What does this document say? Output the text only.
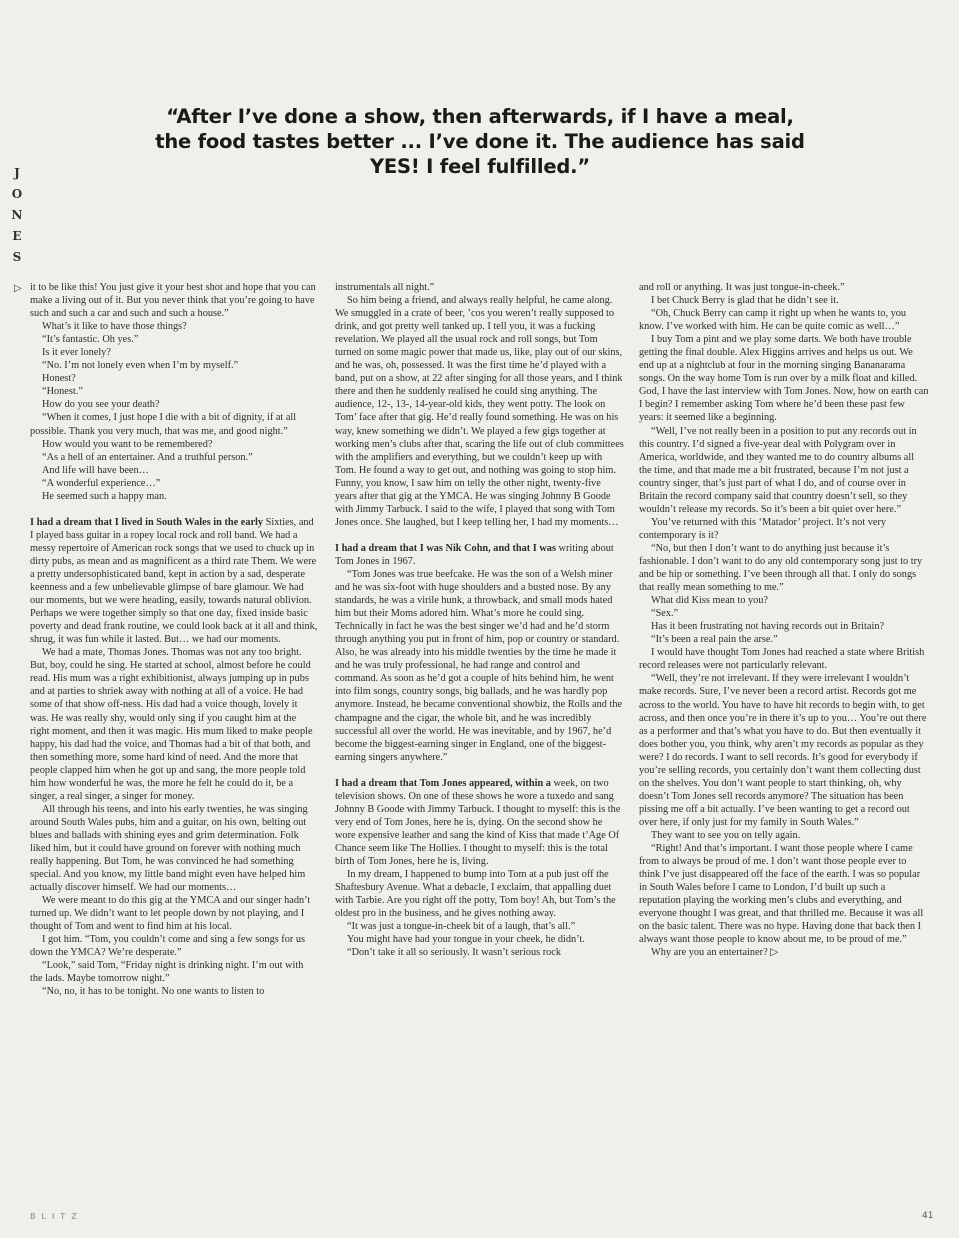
“After I’ve done a show, then afterwards, if I have a meal, the food tastes better ... I’ve done it. The audience has said YES! I feel fulfilled.”
J
O
N
E
S
▷ it to be like this! You just give it your best shot and hope that you can make a living out of it. But you never think that you’re going to have such and such a car and such and such a house.”

What’s it like to have those things?

“It’s fantastic. Oh yes.”

Is it ever lonely?

“No. I’m not lonely even when I’m by myself.”

Honest?

“Honest.”

How do you see your death?

“When it comes, I just hope I die with a bit of dignity, if at all possible. Thank you very much, that was me, and good night.”

How would you want to be remembered?

“As a hell of an entertainer. And a truthful person.”

And life will have been…

“A wonderful experience…”

He seemed such a happy man.

I had a dream that I lived in South Wales in the early Sixties, and I played bass guitar in a ropey local rock and roll band. We had a messy repertoire of American rock songs that we used to chuck up in dirty pubs, as mean and as magnificent as a third rate Them. We were a pretty undersophisticated band, kept in action by a sad, desperate keenness and a few unbelievable glimpse of bare glamour. We had our moments, but we were heading, easily, towards natural oblivion. Perhaps we were together simply so that one day, fixed inside basic poverty and dead frank routine, we could look back at it all and think, shrug, it was fun while it lasted. But… we had our moments.

We had a mate, Thomas Jones. Thomas was not any too bright. But, boy, could he sing. He started at school, almost before he could read. His mum was a right exhibitionist, always jumping up in pubs and at parties to shriek away with nothing at all of a voice. He had some of that show off-ness. His dad had a voice though, lovely it was. He was really shy, would only sing if you caught him at the right moment, and then it was magic. His mum liked to make people happy, his dad had the voice, and Thomas had a bit of that both, and then something more, some hard kind of need. And the more that people clapped him when he got up and sang, the more people told him how wonderful he was, the more he felt he could do it, be a singer, a real singer, a singer for money.

All through his teens, and into his early twenties, he was singing around South Wales pubs, him and a guitar, on his own, belting out blues and ballads with shining eyes and grim determination. Folk liked him, but it could have ground on forever with nothing much really happening. But Tom, he was convinced he had something special. And you know, my little band might even have helped him actually discover himself. We had our moments…

We were meant to do this gig at the YMCA and our singer hadn’t turned up. We didn’t want to let people down by not playing, and I thought of Tom and went to find him at his local.

I got him. “Tom, you couldn’t come and sing a few songs for us down the YMCA? We’re desperate.”

“Look,” said Tom, “Friday night is drinking night. I’m out with the lads. Maybe tomorrow night.”

“No, no, it has to be tonight. No one wants to listen to

instrumentals all night.”

So him being a friend, and always really helpful, he came along. We smuggled in a crate of beer, ’cos you weren’t really supposed to drink, and got pretty well tanked up. I tell you, it was a fucking revelation. We played all the usual rock and roll songs, but Tom turned on some magic power that made us, like, play out of our skins, and he was, oh, possessed. It was the first time he’d played with a band, put on a show, at 22 after singing for all those years, and I think there and then he suddenly realised he could sing anything. The audience, 12-, 13-, 14-year-old kids, they went potty. The look on Tom’ face after that gig. He’d really found something. He was on his way, knew something we didn’t. We played a few gigs together at working men’s clubs after that, scaring the life out of club committees with the amplifiers and everything, but we couldn’t keep up with Tom. He found a way to get out, and nothing was going to stop him. Funny, you know, I saw him on telly the other night, twenty-five years after that gig at the YMCA. He was singing Johnny B Goode with Jimmy Tarbuck. I said to the wife, I played that song with Tom Jones once. She laughed, but I keep telling her, I had my moments…

I had a dream that I was Nik Cohn, and that I was writing about Tom Jones in 1967.

“Tom Jones was true beefcake. He was the son of a Welsh miner and he was six-foot with huge shoulders and a busted nose. By any standards, he was a virile hunk, a throwback, and small mods hated him but their Moms adored him. What’s more he could sing. Technically in fact he was the best singer we’d had and he’d storm through anything you put in front of him, pop or country or standard. Also, he was already into his middle twenties by the time he made it and he was truly professional, he had range and control and command. As soon as he’d got a couple of hits behind him, he went into film songs, country songs, big ballads, and he was hardly pop anymore. Instead, he became conventional showbiz, the Rolls and the champagne and the cigar, the whole bit, and he was incredibly successful all over the world. He was inevitable, and by 1967, he’d become the biggest-earning singer in England, one of the biggest-earning singers anywhere.”

I had a dream that Tom Jones appeared, within a week, on two television shows. On one of these shows he wore a tuxedo and sang Johnny B Goode with Jimmy Tarbuck. I thought to myself: this is the very end of Tom Jones, here he is, dying. On the second show he wore expensive leather and sang the kind of Kiss that made t’Age Of Chance seem like The Hollies. I thought to myself: this is the total birth of Tom Jones, here he is, living.

In my dream, I happened to bump into Tom at a pub just off the Shaftesbury Avenue. What a debacle, I exclaim, that appalling duet with Tarbie. Are you right off the potty, Tom boy! Ah, but Tom’s the oldest pro in the business, and he gives nothing away.

“It was just a tongue-in-cheek bit of a laugh, that’s all.”

You might have had your tongue in your cheek, he didn’t.

“Don’t take it all so seriously. It wasn’t serious rock

and roll or anything. It was just tongue-in-cheek.”

I bet Chuck Berry is glad that he didn’t see it.

“Oh, Chuck Berry can camp it right up when he wants to, you know. I’ve worked with him. He can be quite comic as well…”

I buy Tom a pint and we play some darts. We both have trouble getting the final double. Alex Higgins arrives and helps us out. We end up at a nightclub at four in the morning singing Bananarama songs. On the way home Tom is run over by a milk float and killed. God, I have the last interview with Tom Jones. Now, how on earth can I begin? I remember asking Tom where he’d been these past few years: it seemed like a beginning.

“Well, I’ve not really been in a position to put any records out in this country. I’d signed a five-year deal with Polygram over in America, worldwide, and they wanted me to do country albums all the time, and that made me a bit frustrated, because I’m not just a country singer, that’s just part of what I do, and of course over in Britain the record company said that country doesn’t sell, so they wouldn’t release my records. So it’s been a bit quiet over here.”

You’ve returned with this ‘Matador’ project. It’s not very contemporary is it?

“No, but then I don’t want to do anything just because it’s fashionable. I don’t want to do any old contemporary song just to try and be hip or something. I’ve been through all that. I only do songs that really mean something to me.”

What did Kiss mean to you?

“Sex.”

Has it been frustrating not having records out in Britain?

“It’s been a real pain the arse.”

I would have thought Tom Jones had reached a state where British record releases were not particularly relevant.

“Well, they’re not irrelevant. If they were irrelevant I wouldn’t make records. Sure, I’ve never been a record artist. Records got me across to the world. You have to have hit records to begin with, to get across, and then once you’re in there it’s up to you… You’re out there as a performer and that’s what you have to do. But then eventually it does bother you, you think, why aren’t my records as popular as they were? I do records. I want to sell records. It’s good for everybody if you’re selling records, you certainly don’t want them collecting dust on the shelves. You don’t want people to start thinking, oh, why doesn’t Tom Jones sell records anymore? The situation has been pissing me off a bit actually. I’ve been wanting to get a record out over here, if only just for my family in South Wales.”

They want to see you on telly again.

“Right! And that’s important. I want those people where I came from to always be proud of me. I don’t want those people ever to think I’ve just disappeared off the face of the earth. I was so popular in South Wales before I came to London, I’d built up such a reputation playing the working men’s clubs and everything, and everyone thought I was great, and that thrilled me. Because it was all on the basic talent. There was no hype. Having done that back then I always want those people to know about me, to be proud of me.”

Why are you an entertainer? ▷

BLITZ	41
